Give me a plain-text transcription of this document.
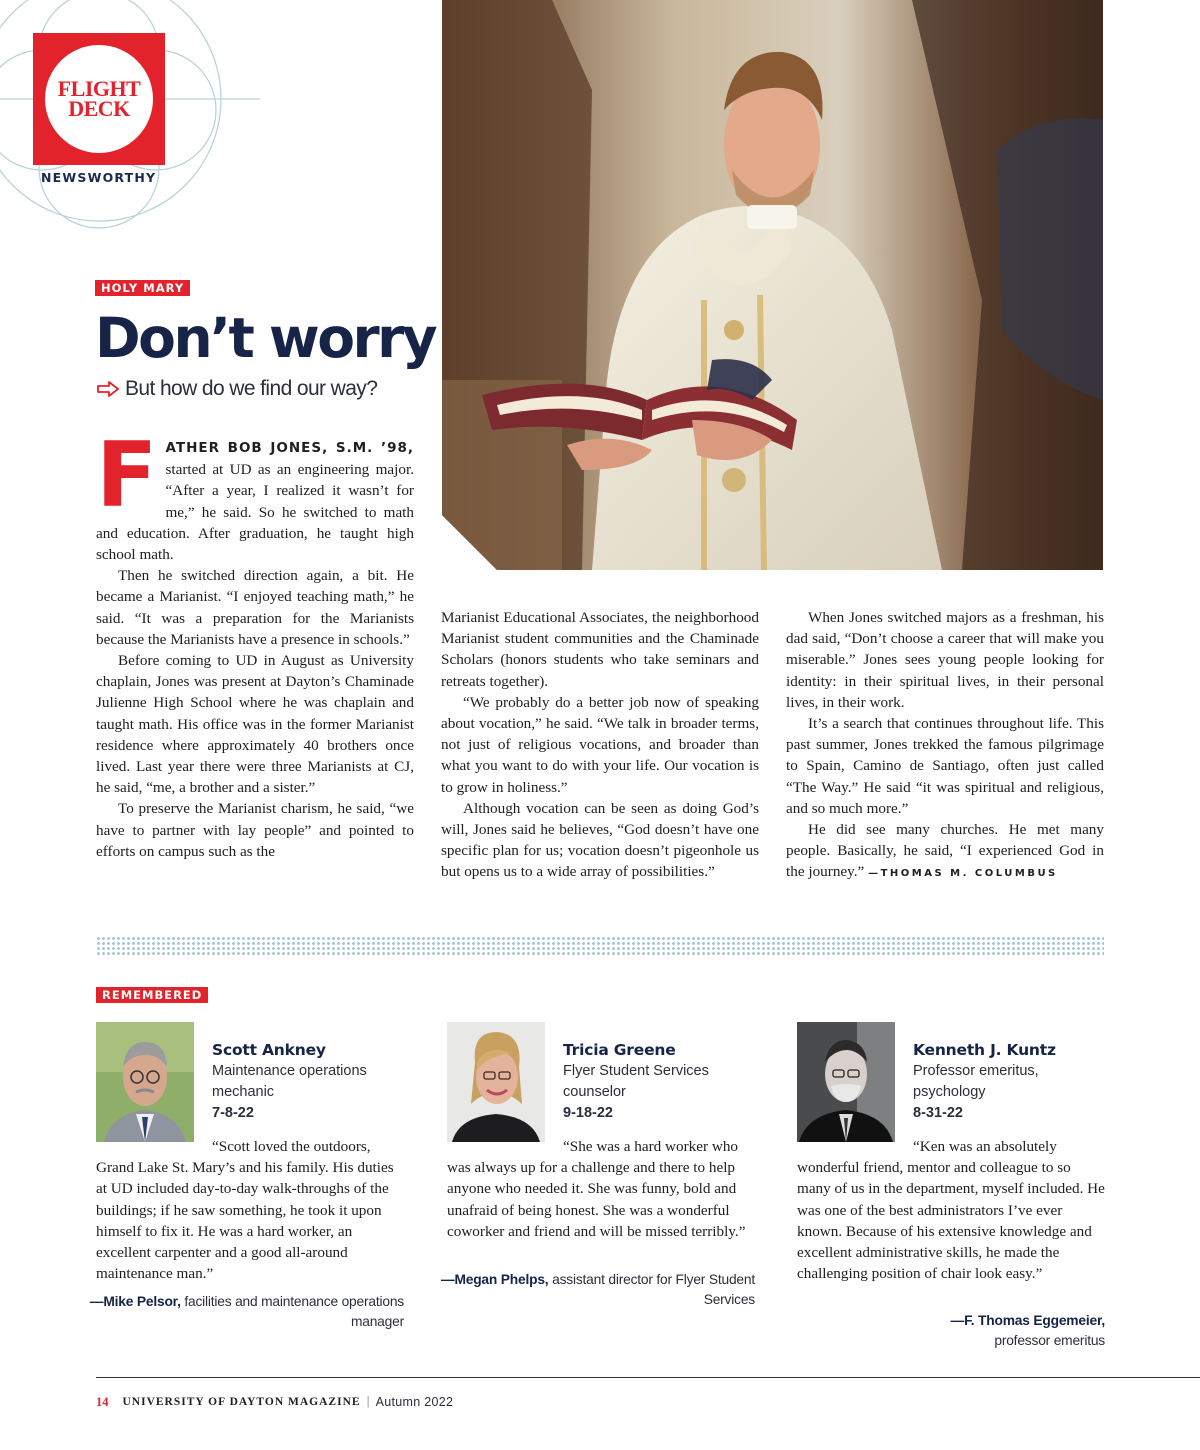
FLIGHT
DECK
NEWSWORTHY
HOLY MARY
Don’t worry
But how do we find our way?

FATHER BOB JONES, S.M. ’98, started at UD as an engineering major. “After a year, I realized it wasn’t for me,” he said. So he switched to math and education. After graduation, he taught high school math.

Then he switched direction again, a bit. He became a Marianist. “I enjoyed teaching math,” he said. “It was a preparation for the Marianists because the Marianists have a presence in schools.”

Before coming to UD in August as University chaplain, Jones was present at Dayton’s Chaminade Julienne High School where he was chaplain and taught math. His office was in the former Marianist residence where approximately 40 brothers once lived. Last year there were three Marianists at CJ, he said, “me, a brother and a sister.”

To preserve the Marianist charism, he said, “we have to partner with lay people” and pointed to efforts on campus such as the

Marianist Educational Associates, the neighborhood Marianist student communities and the Chaminade Scholars (honors students who take seminars and retreats together).

“We probably do a better job now of speaking about vocation,” he said. “We talk in broader terms, not just of religious vocations, and broader than what you want to do with your life. Our vocation is to grow in holiness.”

Although vocation can be seen as doing God’s will, Jones said he believes, “God doesn’t have one specific plan for us; vocation doesn’t pigeonhole us but opens us to a wide array of possibilities.”

When Jones switched majors as a freshman, his dad said, “Don’t choose a career that will make you miserable.” Jones sees young people looking for identity: in their spiritual lives, in their personal lives, in their work.

It’s a search that continues throughout life. This past summer, Jones trekked the famous pilgrimage to Spain, Camino de Santiago, often just called “The Way.” He said “it was spiritual and religious, and so much more.”

He did see many churches. He met many people. Basically, he said, “I experienced God in the journey.” —THOMAS M. COLUMBUS

REMEMBERED
Scott Ankney
Maintenance operations mechanic
7-8-22
“Scott loved the outdoors, Grand Lake St. Mary’s and his family. His duties at UD included day-to-day walk-throughs of the buildings; if he saw something, he took it upon himself to fix it. He was a hard worker, an excellent carpenter and a good all-around maintenance man.”
—Mike Pelsor, facilities and maintenance operations manager
Tricia Greene
Flyer Student Services counselor
9-18-22
“She was a hard worker who was always up for a challenge and there to help anyone who needed it. She was funny, bold and unafraid of being honest. She was a wonderful coworker and friend and will be missed terribly.”
—Megan Phelps, assistant director for Flyer Student Services
Kenneth J. Kuntz
Professor emeritus, psychology
8-31-22
“Ken was an absolutely wonderful friend, mentor and colleague to so many of us in the department, myself included. He was one of the best administrators I’ve ever known. Because of his extensive knowledge and excellent administrative skills, he made the challenging position of chair look easy.”
—F. Thomas Eggemeier,
professor emeritus
14 UNIVERSITY OF DAYTON MAGAZINE | Autumn 2022
